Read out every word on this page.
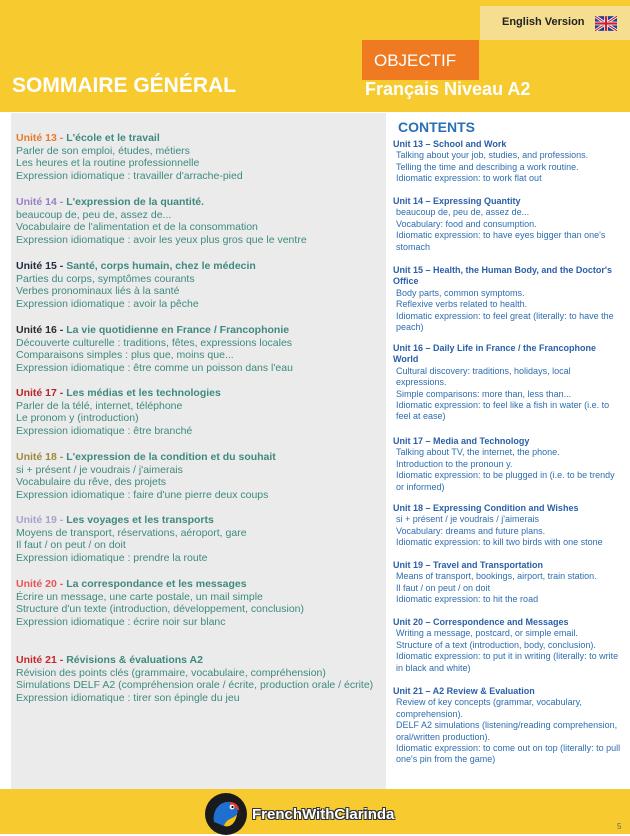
English Version
OBJECTIF
SOMMAIRE GÉNÉRAL	Français Niveau A2
Unité 13 - L'école et le travail
Parler de son emploi, études, métiers
Les heures et la routine professionnelle
Expression idiomatique : travailler d'arrache-pied
Unité 14 - L'expression de la quantité.
beaucoup de, peu de, assez de...
Vocabulaire de l'alimentation et de la consommation
Expression idiomatique : avoir les yeux plus gros que le ventre
Unité 15 - Santé, corps humain, chez le médecin
Parties du corps, symptômes courants
Verbes pronominaux liés à la santé
Expression idiomatique : avoir la pêche
Unité 16 - La vie quotidienne en France / Francophonie
Découverte culturelle : traditions, fêtes, expressions locales
Comparaisons simples : plus que, moins que...
Expression idiomatique : être comme un poisson dans l'eau
Unité 17 - Les médias et les technologies
Parler de la télé, internet, téléphone
Le pronom y (introduction)
Expression idiomatique : être branché
Unité 18 - L'expression de la condition et du souhait
si + présent / je voudrais / j'aimerais
Vocabulaire du rêve, des projets
Expression idiomatique : faire d'une pierre deux coups
Unité 19 - Les voyages et les transports
Moyens de transport, réservations, aéroport, gare
Il faut / on peut / on doit
Expression idiomatique : prendre la route
Unité 20 - La correspondance et les messages
Écrire un message, une carte postale, un mail simple
Structure d'un texte (introduction, développement, conclusion)
Expression idiomatique : écrire noir sur blanc
Unité 21 - Révisions & évaluations A2
Révision des points clés (grammaire, vocabulaire, compréhension)
Simulations DELF A2 (compréhension orale / écrite, production orale / écrite)
Expression idiomatique : tirer son épingle du jeu
CONTENTS
Unit 13 – School and Work
Talking about your job, studies, and professions.
Telling the time and describing a work routine.
Idiomatic expression: to work flat out
Unit 14 – Expressing Quantity
beaucoup de, peu de, assez de...
Vocabulary: food and consumption.
Idiomatic expression: to have eyes bigger than one's stomach
Unit 15 – Health, the Human Body, and the Doctor's Office
Body parts, common symptoms.
Reflexive verbs related to health.
Idiomatic expression: to feel great (literally: to have the peach)
Unit 16 – Daily Life in France / the Francophone World
Cultural discovery: traditions, holidays, local expressions.
Simple comparisons: more than, less than...
Idiomatic expression: to feel like a fish in water (i.e. to feel at ease)
Unit 17 – Media and Technology
Talking about TV, the internet, the phone.
Introduction to the pronoun y.
Idiomatic expression: to be plugged in (i.e. to be trendy or informed)
Unit 18 – Expressing Condition and Wishes
si + présent / je voudrais / j'aimerais
Vocabulary: dreams and future plans.
Idiomatic expression: to kill two birds with one stone
Unit 19 – Travel and Transportation
Means of transport, bookings, airport, train station.
Il faut / on peut / on doit
Idiomatic expression: to hit the road
Unit 20 – Correspondence and Messages
Writing a message, postcard, or simple email.
Structure of a text (introduction, body, conclusion).
Idiomatic expression: to put it in writing (literally: to write in black and white)
Unit 21 – A2 Review & Evaluation
Review of key concepts (grammar, vocabulary, comprehension).
DELF A2 simulations (listening/reading comprehension, oral/written production).
Idiomatic expression: to come out on top (literally: to pull one's pin from the game)
FrenchWithClarinda
5
